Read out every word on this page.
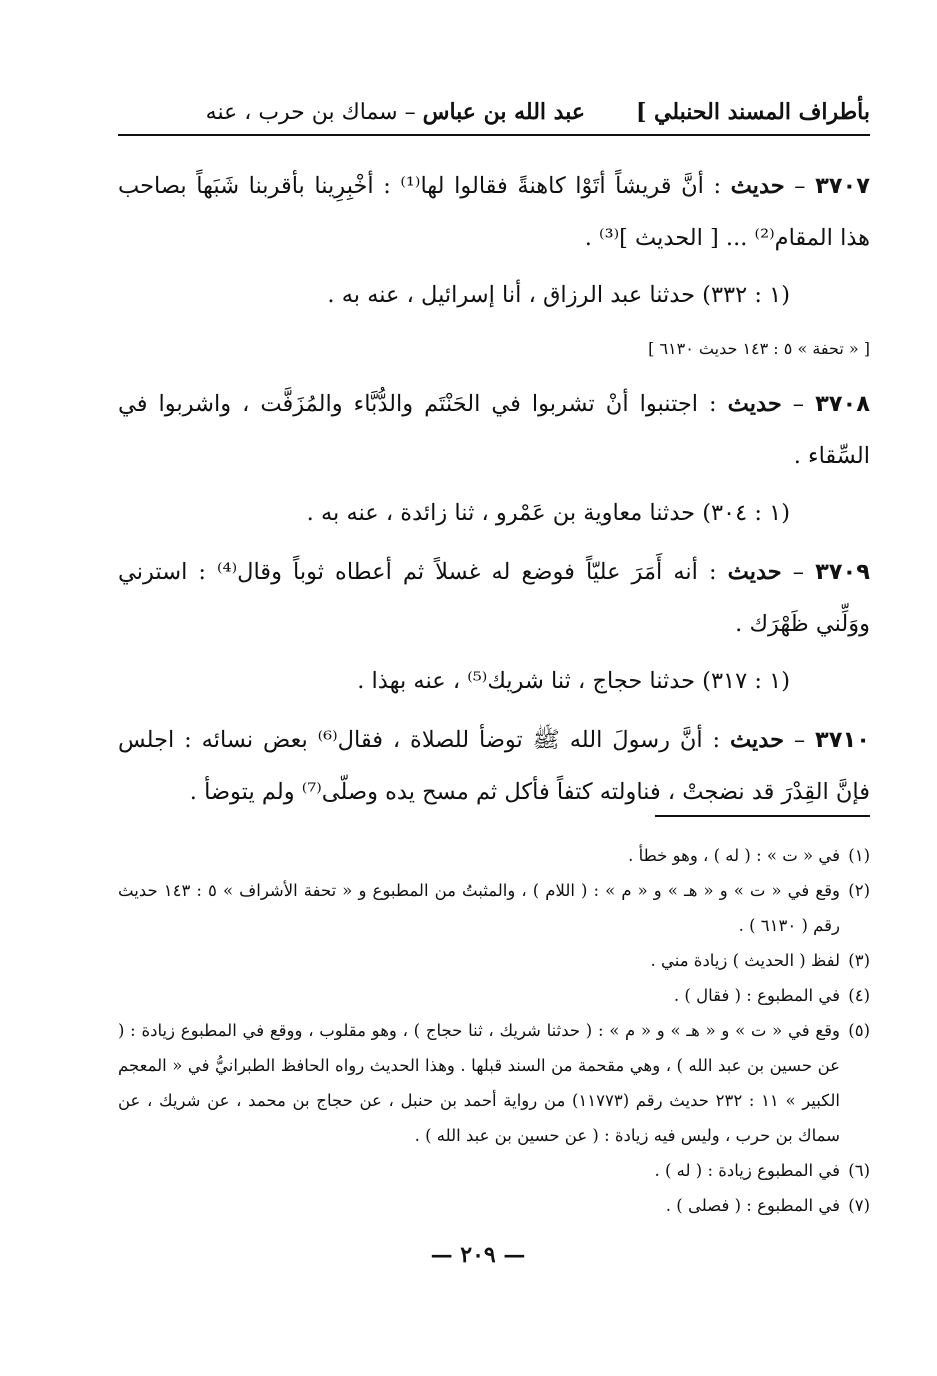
بأطراف المسند الحنبلي ]
عبد الله بن عباس – سماك بن حرب ، عنه

٣٧٠٧ – حديث : أنَّ قريشاً أتَوْا كاهنةً فقالوا لها⁽¹⁾ : أخْبِرِينا بأقربنا شَبَهاً بصاحب هذا المقام⁽²⁾ ... [ الحديث ]⁽³⁾ .

(١ : ٣٣٢) حدثنا عبد الرزاق ، أنا إسرائيل ، عنه به .

[ « تحفة » ٥ : ١٤٣ حديث ٦١٣٠ ]

٣٧٠٨ – حديث : اجتنبوا أنْ تشربوا في الحَنْتَم والدُّبَّاء والمُزَفَّت ، واشربوا في السِّقاء .

(١ : ٣٠٤) حدثنا معاوية بن عَمْرو ، ثنا زائدة ، عنه به .

٣٧٠٩ – حديث : أنه أَمَرَ عليّاً فوضع له غسلاً ثم أعطاه ثوباً وقال⁽⁴⁾ : استرني ووَلِّني ظَهْرَك .

(١ : ٣١٧) حدثنا حجاج ، ثنا شريك⁽⁵⁾ ، عنه بهذا .

٣٧١٠ – حديث : أنَّ رسولَ الله ﷺ توضأ للصلاة ، فقال⁽⁶⁾ بعض نسائه : اجلس فإنَّ القِدْرَ قد نضجتْ ، فناولته كتفاً فأكل ثم مسح يده وصلّى⁽⁷⁾ ولم يتوضأ .

(١)في « ت » : ( له ) ، وهو خطأ .

(٢)وقع في « ت » و « هـ » و « م » : ( اللام ) ، والمثبتُ من المطبوع و « تحفة الأشراف » ٥ : ١٤٣ حديث رقم ( ٦١٣٠ ) .

(٣)لفظ ( الحديث ) زيادة مني .

(٤)في المطبوع : ( فقال ) .

(٥)وقع في « ت » و « هـ » و « م » : ( حدثنا شريك ، ثنا حجاج ) ، وهو مقلوب ، ووقع في المطبوع زيادة : ( عن حسين بن عبد الله ) ، وهي مقحمة من السند قبلها . وهذا الحديث رواه الحافظ الطبرانيُّ في « المعجم الكبير » ١١ : ٢٣٢ حديث رقم (١١٧٧٣) من رواية أحمد بن حنبل ، عن حجاج بن محمد ، عن شريك ، عن سماك بن حرب ، وليس فيه زيادة : ( عن حسين بن عبد الله ) .

(٦)في المطبوع زيادة : ( له ) .

(٧)في المطبوع : ( فصلى ) .

— ٢٠٩ —
